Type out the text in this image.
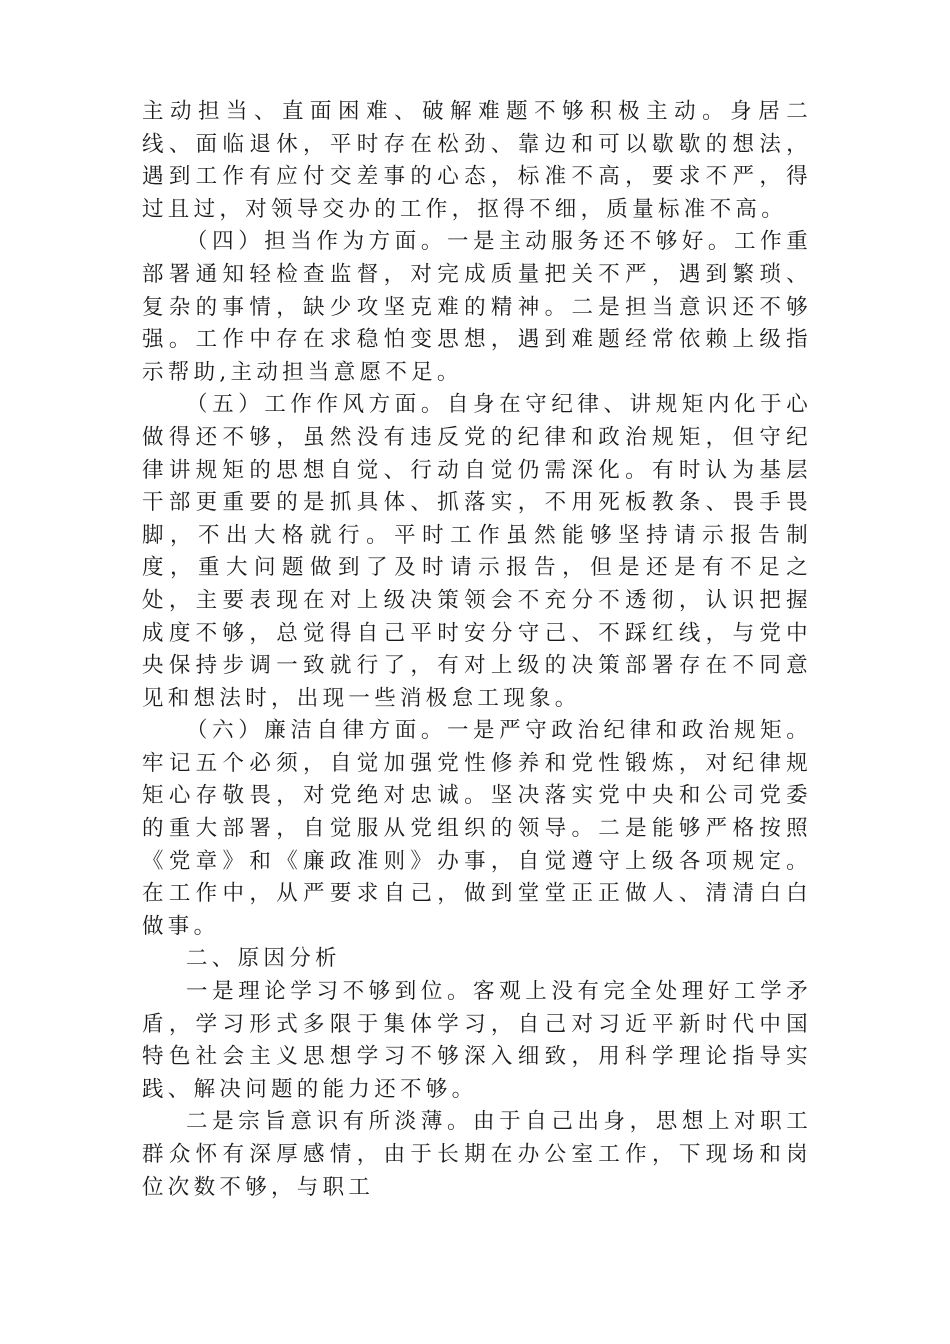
主动担当、直面困难、破解难题不够积极主动。身居二线、面临退休，平时存在松劲、靠边和可以歇歇的想法，遇到工作有应付交差事的心态，标准不高，要求不严，得过且过，对领导交办的工作，抠得不细，质量标准不高。

（四）担当作为方面。一是主动服务还不够好。工作重部署通知轻检查监督，对完成质量把关不严，遇到繁琐、复杂的事情，缺少攻坚克难的精神。二是担当意识还不够强。工作中存在求稳怕变思想，遇到难题经常依赖上级指示帮助,主动担当意愿不足。

（五）工作作风方面。自身在守纪律、讲规矩内化于心做得还不够，虽然没有违反党的纪律和政治规矩，但守纪律讲规矩的思想自觉、行动自觉仍需深化。有时认为基层干部更重要的是抓具体、抓落实，不用死板教条、畏手畏脚，不出大格就行。平时工作虽然能够坚持请示报告制度，重大问题做到了及时请示报告，但是还是有不足之处，主要表现在对上级决策领会不充分不透彻，认识把握成度不够，总觉得自己平时安分守己、不踩红线，与党中央保持步调一致就行了，有对上级的决策部署存在不同意见和想法时，出现一些消极怠工现象。

（六）廉洁自律方面。一是严守政治纪律和政治规矩。牢记五个必须，自觉加强党性修养和党性锻炼，对纪律规矩心存敬畏，对党绝对忠诚。坚决落实党中央和公司党委的重大部署，自觉服从党组织的领导。二是能够严格按照《党章》和《廉政准则》办事，自觉遵守上级各项规定。在工作中，从严要求自己，做到堂堂正正做人、清清白白做事。

二、原因分析

一是理论学习不够到位。客观上没有完全处理好工学矛盾，学习形式多限于集体学习，自己对习近平新时代中国特色社会主义思想学习不够深入细致，用科学理论指导实践、解决问题的能力还不够。

二是宗旨意识有所淡薄。由于自己出身，思想上对职工群众怀有深厚感情，由于长期在办公室工作，下现场和岗位次数不够，与职工
